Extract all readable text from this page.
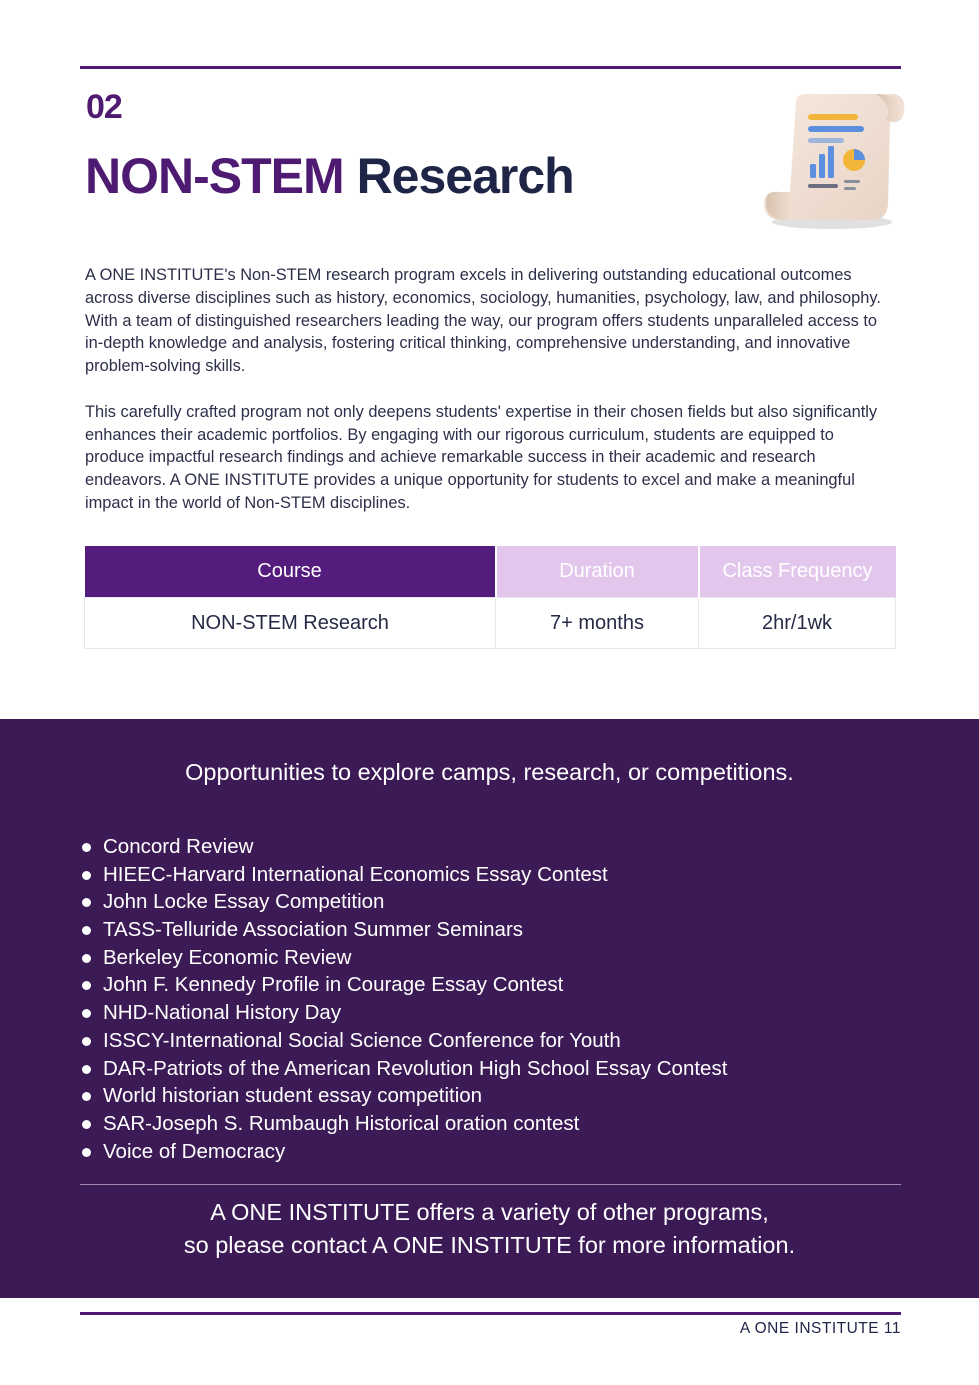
02
NON-STEM Research

A ONE INSTITUTE's Non-STEM research program excels in delivering outstanding educational outcomes across diverse disciplines such as history, economics, sociology, humanities, psychology, law, and philosophy. With a team of distinguished researchers leading the way, our program offers students unparalleled access to in-depth knowledge and analysis, fostering critical thinking, comprehensive understanding, and innovative problem-solving skills.

This carefully crafted program not only deepens students' expertise in their chosen fields but also significantly enhances their academic portfolios. By engaging with our rigorous curriculum, students are equipped to produce impactful research findings and achieve remarkable success in their academic and research endeavors. A ONE INSTITUTE provides a unique opportunity for students to excel and make a meaningful impact in the world of Non-STEM disciplines.

Course	Duration	Class Frequency
NON-STEM Research	7+ months	2hr/1wk
Opportunities to explore camps, research, or competitions.
Concord Review
HIEEC-Harvard International Economics Essay Contest
John Locke Essay Competition
TASS-Telluride Association Summer Seminars
Berkeley Economic Review
John F. Kennedy Profile in Courage Essay Contest
NHD-National History Day
ISSCY-International Social Science Conference for Youth
DAR-Patriots of the American Revolution High School Essay Contest
World historian student essay competition
SAR-Joseph S. Rumbaugh Historical oration contest
Voice of Democracy
A ONE INSTITUTE offers a variety of other programs,
so please contact A ONE INSTITUTE for more information.
A ONE INSTITUTE 11
